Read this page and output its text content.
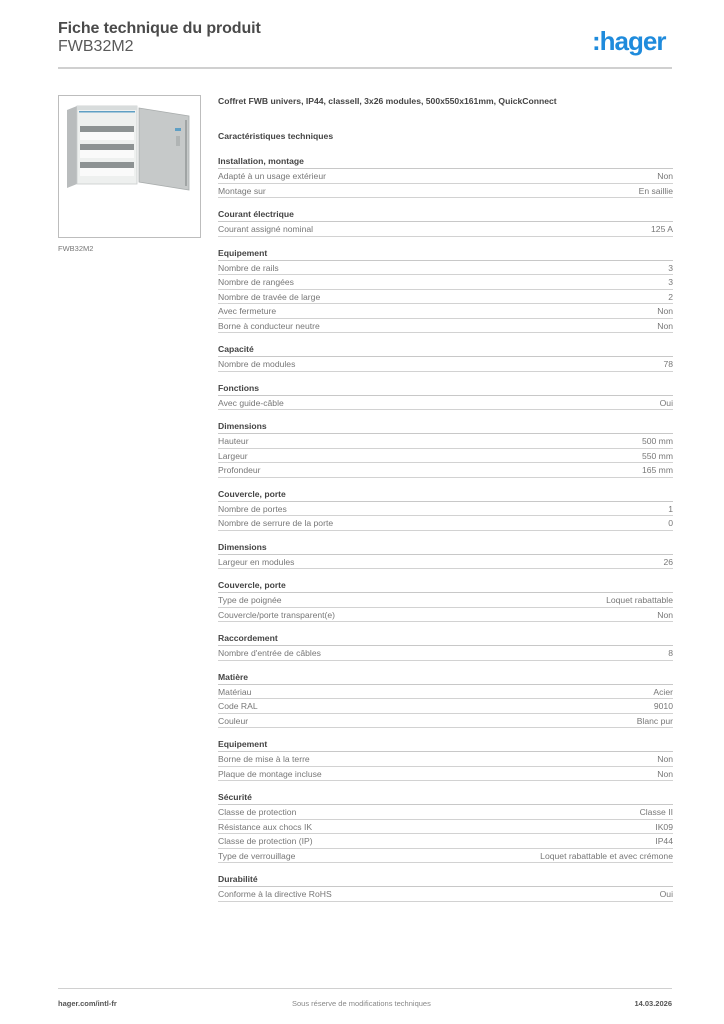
Fiche technique du produit
FWB32M2	:hager
FWB32M2
Coffret FWB univers, IP44, classeII, 3x26 modules, 500x550x161mm, QuickConnect
Caractéristiques techniques
Installation, montage
Adapté à un usage extérieur	Non
Montage sur	En saillie
Courant électrique
Courant assigné nominal	125 A
Equipement
Nombre de rails	3
Nombre de rangées	3
Nombre de travée de large	2
Avec fermeture	Non
Borne à conducteur neutre	Non
Capacité
Nombre de modules	78
Fonctions
Avec guide-câble	Oui
Dimensions
Hauteur	500 mm
Largeur	550 mm
Profondeur	165 mm
Couvercle, porte
Nombre de portes	1
Nombre de serrure de la porte	0
Dimensions
Largeur en modules	26
Couvercle, porte
Type de poignée	Loquet rabattable
Couvercle/porte transparent(e)	Non
Raccordement
Nombre d'entrée de câbles	8
Matière
Matériau	Acier
Code RAL	9010
Couleur	Blanc pur
Equipement
Borne de mise à la terre	Non
Plaque de montage incluse	Non
Sécurité
Classe de protection	Classe II
Résistance aux chocs IK	IK09
Classe de protection (IP)	IP44
Type de verrouillage	Loquet rabattable et avec crémone
Durabilité
Conforme à la directive RoHS	Oui
hager.com/intl-fr	Sous réserve de modifications techniques	14.03.2026
